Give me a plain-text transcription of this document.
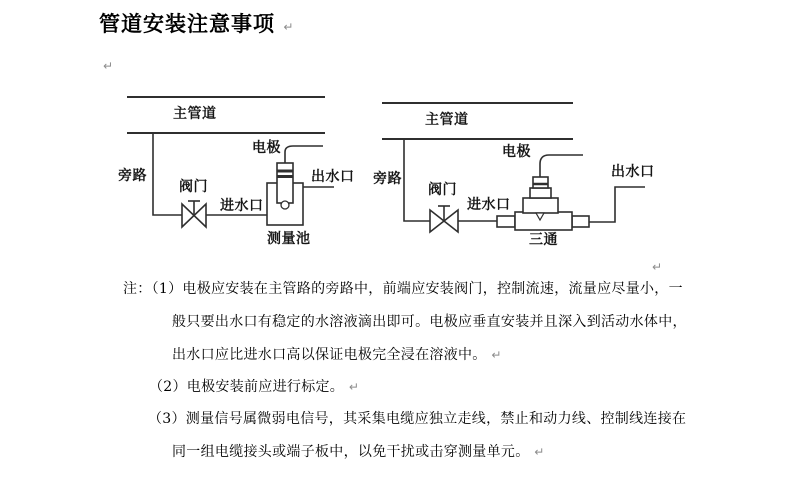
管道安装注意事项 ↵
↵
↵
主管道
旁路
阀门
电极
进水口
出水口
测量池
主管道
旁路
阀门
电极
进水口
出水口
三通
注：（1）电极应安装在主管路的旁路中，前端应安装阀门，控制流速，流量应尽量小，一
般只要出水口有稳定的水溶液滴出即可。电极应垂直安装并且深入到活动水体中，
出水口应比进水口高以保证电极完全浸在溶液中。 ↵
（2）电极安装前应进行标定。 ↵
（3）测量信号属微弱电信号，其采集电缆应独立走线，禁止和动力线、控制线连接在
同一组电缆接头或端子板中，以免干扰或击穿测量单元。 ↵
